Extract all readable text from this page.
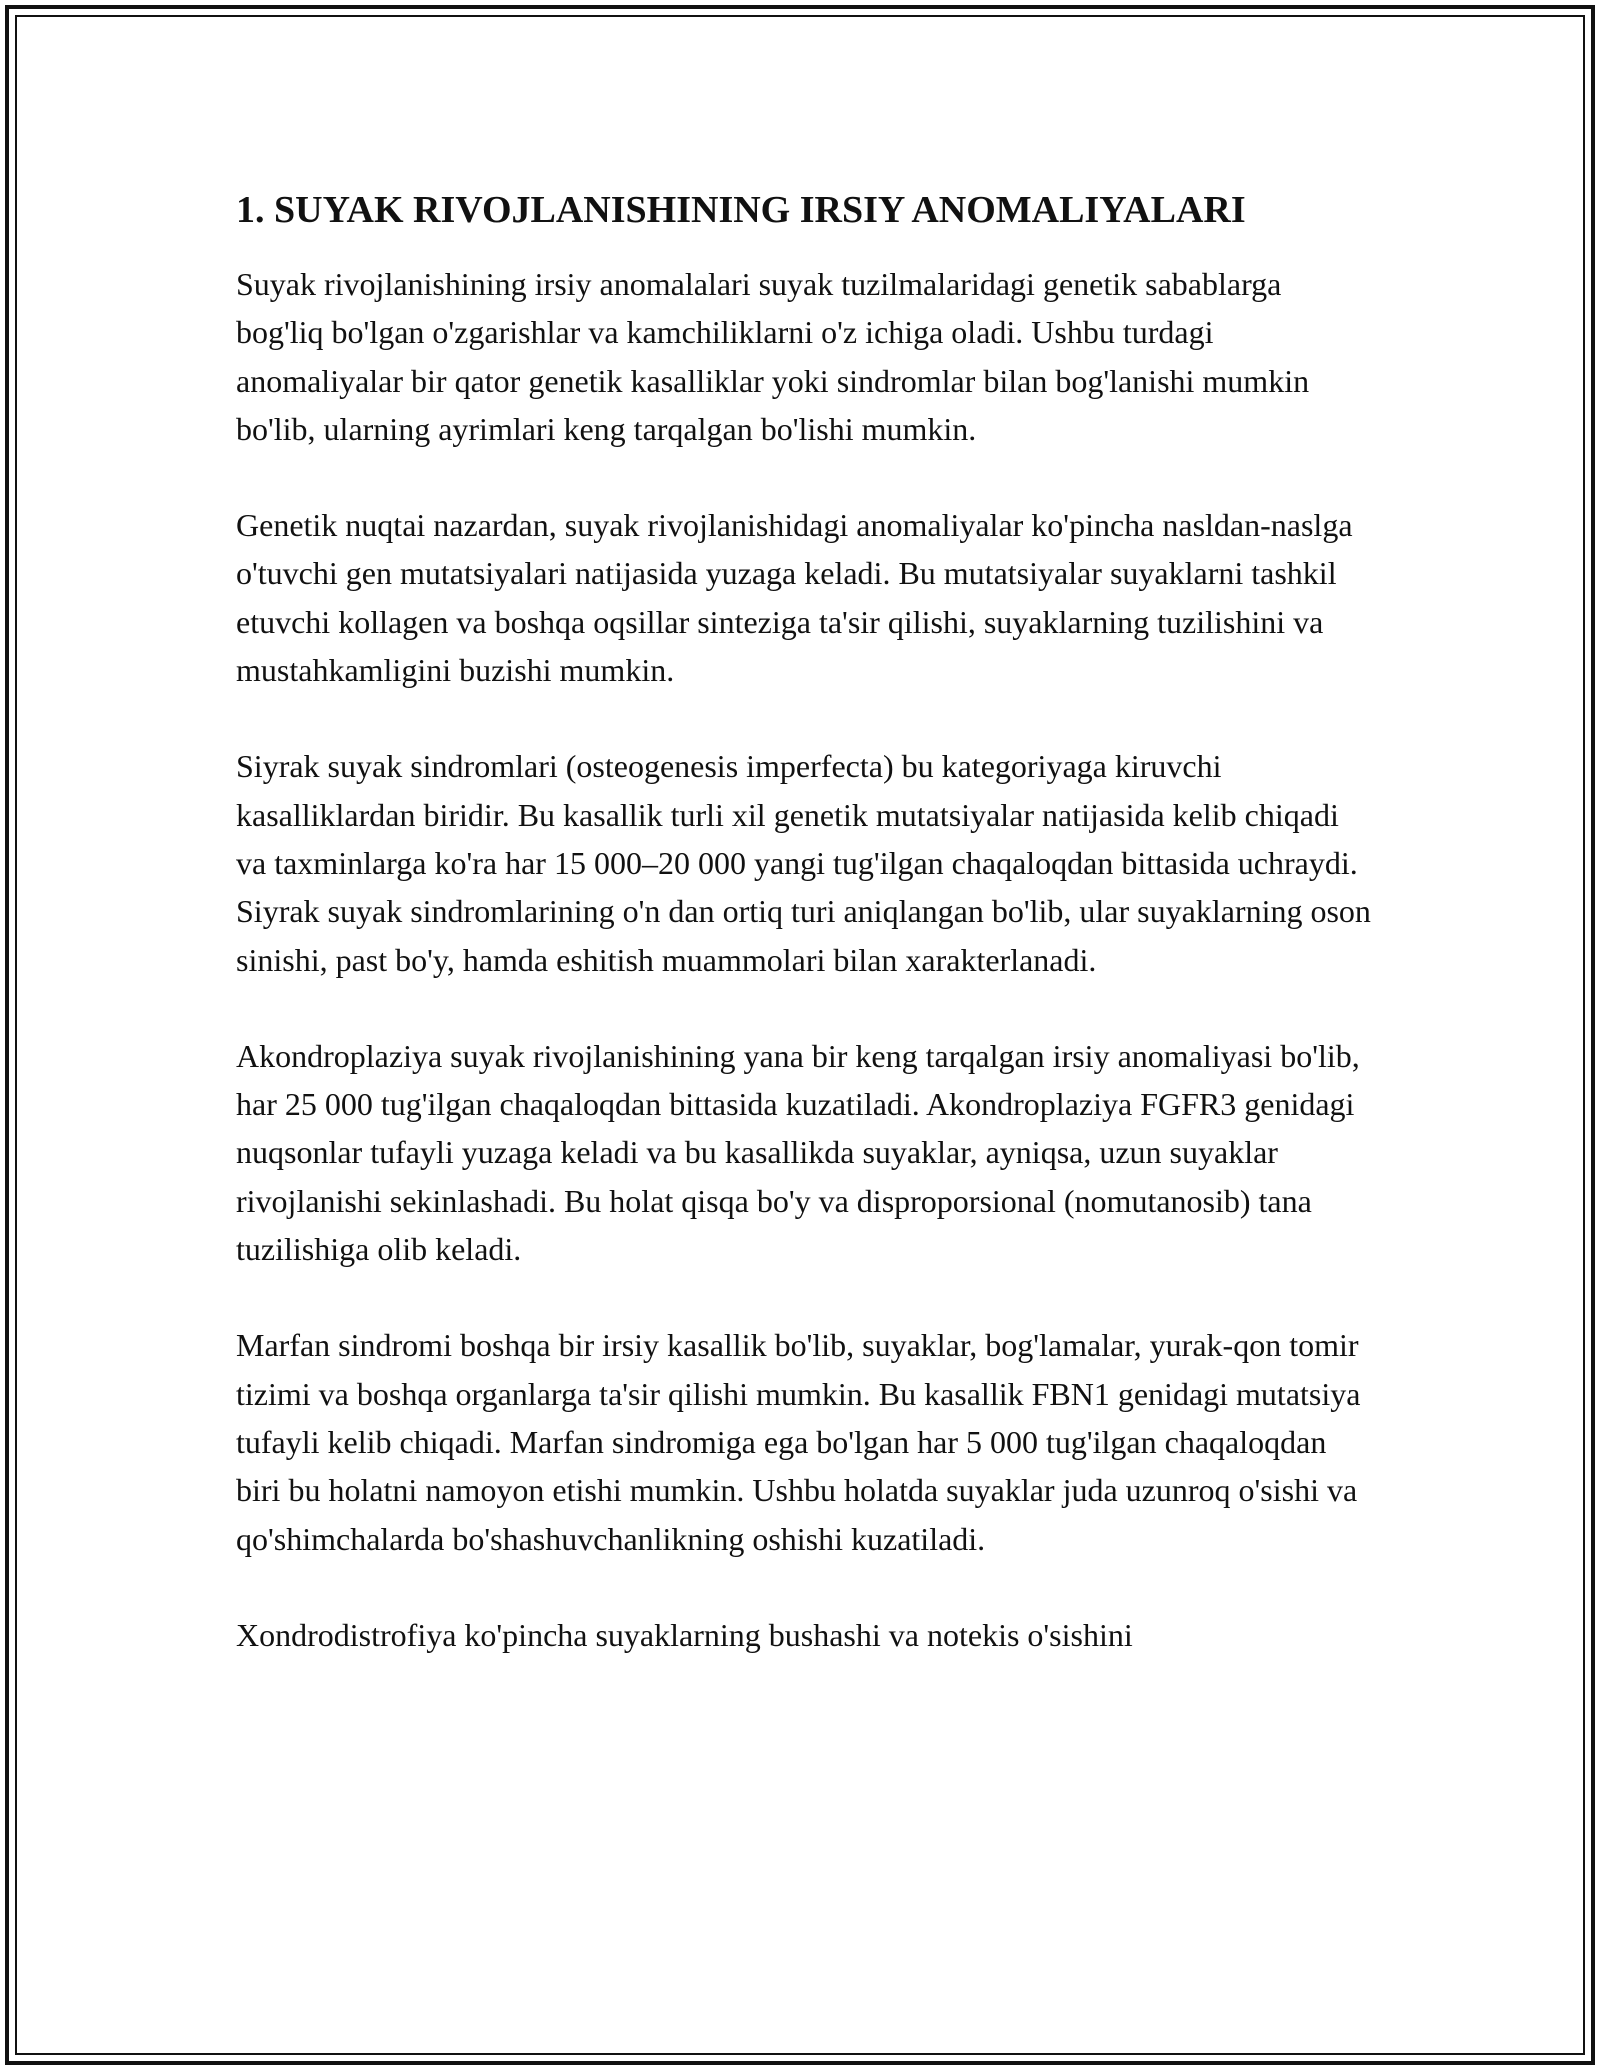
1. SUYAK RIVOJLANISHINING IRSIY ANOMALIYALARI

Suyak rivojlanishining irsiy anomalalari suyak tuzilmalaridagi genetik sabablarga bog'liq bo'lgan o'zgarishlar va kamchiliklarni o'z ichiga oladi. Ushbu turdagi anomaliyalar bir qator genetik kasalliklar yoki sindromlar bilan bog'lanishi mumkin bo'lib, ularning ayrimlari keng tarqalgan bo'lishi mumkin.

Genetik nuqtai nazardan, suyak rivojlanishidagi anomaliyalar ko'pincha nasldan-naslga o'tuvchi gen mutatsiyalari natijasida yuzaga keladi. Bu mutatsiyalar suyaklarni tashkil etuvchi kollagen va boshqa oqsillar sinteziga ta'sir qilishi, suyaklarning tuzilishini va mustahkamligini buzishi mumkin.

Siyrak suyak sindromlari (osteogenesis imperfecta) bu kategoriyaga kiruvchi kasalliklardan biridir. Bu kasallik turli xil genetik mutatsiyalar natijasida kelib chiqadi va taxminlarga ko'ra har 15 000–20 000 yangi tug'ilgan chaqaloqdan bittasida uchraydi. Siyrak suyak sindromlarining o'n dan ortiq turi aniqlangan bo'lib, ular suyaklarning oson sinishi, past bo'y, hamda eshitish muammolari bilan xarakterlanadi.

Akondroplaziya suyak rivojlanishining yana bir keng tarqalgan irsiy anomaliyasi bo'lib, har 25 000 tug'ilgan chaqaloqdan bittasida kuzatiladi. Akondroplaziya FGFR3 genidagi nuqsonlar tufayli yuzaga keladi va bu kasallikda suyaklar, ayniqsa, uzun suyaklar rivojlanishi sekinlashadi. Bu holat qisqa bo'y va disproporsional (nomutanosib) tana tuzilishiga olib keladi.

Marfan sindromi boshqa bir irsiy kasallik bo'lib, suyaklar, bog'lamalar, yurak-qon tomir tizimi va boshqa organlarga ta'sir qilishi mumkin. Bu kasallik FBN1 genidagi mutatsiya tufayli kelib chiqadi. Marfan sindromiga ega bo'lgan har 5 000 tug'ilgan chaqaloqdan biri bu holatni namoyon etishi mumkin. Ushbu holatda suyaklar juda uzunroq o'sishi va qo'shimchalarda bo'shashuvchanlikning oshishi kuzatiladi.

Xondrodistrofiya ko'pincha suyaklarning bushashi va notekis o'sishini
